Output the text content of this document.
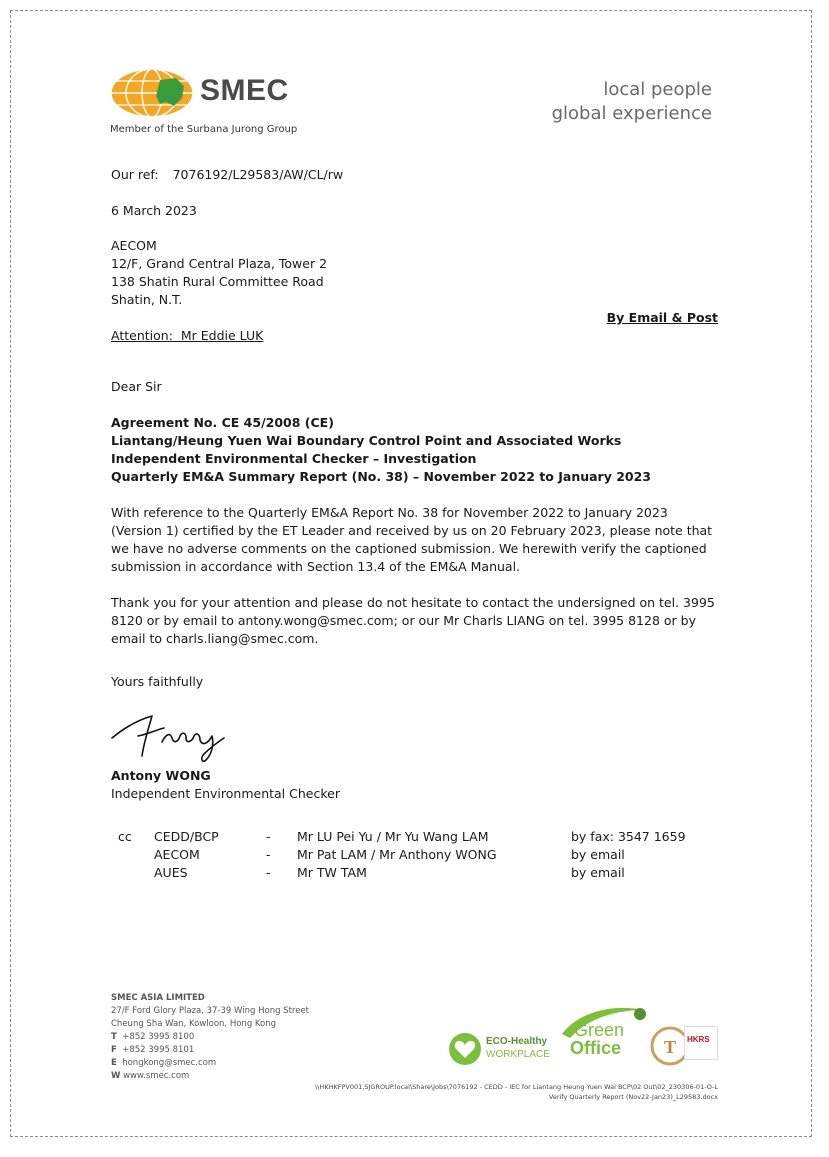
SMEC
Member of the Surbana Jurong Group
local people
global experience
Our ref: 7076192/L29583/AW/CL/rw
6 March 2023
AECOM
12/F, Grand Central Plaza, Tower 2
138 Shatin Rural Committee Road
Shatin, N.T.
By Email & Post
Attention:  Mr Eddie LUK
Dear Sir
Agreement No. CE 45/2008 (CE)
Liantang/Heung Yuen Wai Boundary Control Point and Associated Works
Independent Environmental Checker – Investigation
Quarterly EM&A Summary Report (No. 38) – November 2022 to January 2023
With reference to the Quarterly EM&A Report No. 38 for November 2022 to January 2023 (Version 1) certified by the ET Leader and received by us on 20 February 2023, please note that we have no adverse comments on the captioned submission. We herewith verify the captioned submission in accordance with Section 13.4 of the EM&A Manual.
Thank you for your attention and please do not hesitate to contact the undersigned on tel. 3995 8120 or by email to antony.wong@smec.com; or our Mr Charls LIANG on tel. 3995 8128 or by email to charls.liang@smec.com.
Yours faithfully
Antony WONG
Independent Environmental Checker
cc CEDD/BCP	- Mr LU Pei Yu / Mr Yu Wang LAM	by fax: 3547 1659
AECOM	- Mr Pat LAM / Mr Anthony WONG	by email
AUES	- Mr TW TAM	by email
SMEC ASIA LIMITED
27/F Ford Glory Plaza, 37-39 Wing Hong Street
Cheung Sha Wan, Kowloon, Hong Kong
T +852 3995 8100
F +852 3995 8101
E hongkong@smec.com
W www.smec.com
ECO-Healthy
WORKPLACE
Green
Office T HKRS
\\HKHKFPV001.SJGROUP.local\Share\Jobs\7076192 - CEDD - IEC for Liantang Heung Yuen Wai BCP\02 Out\02_230306-01-O-L
Verify Quarterly Report (Nov22-Jan23)_L29583.docx
